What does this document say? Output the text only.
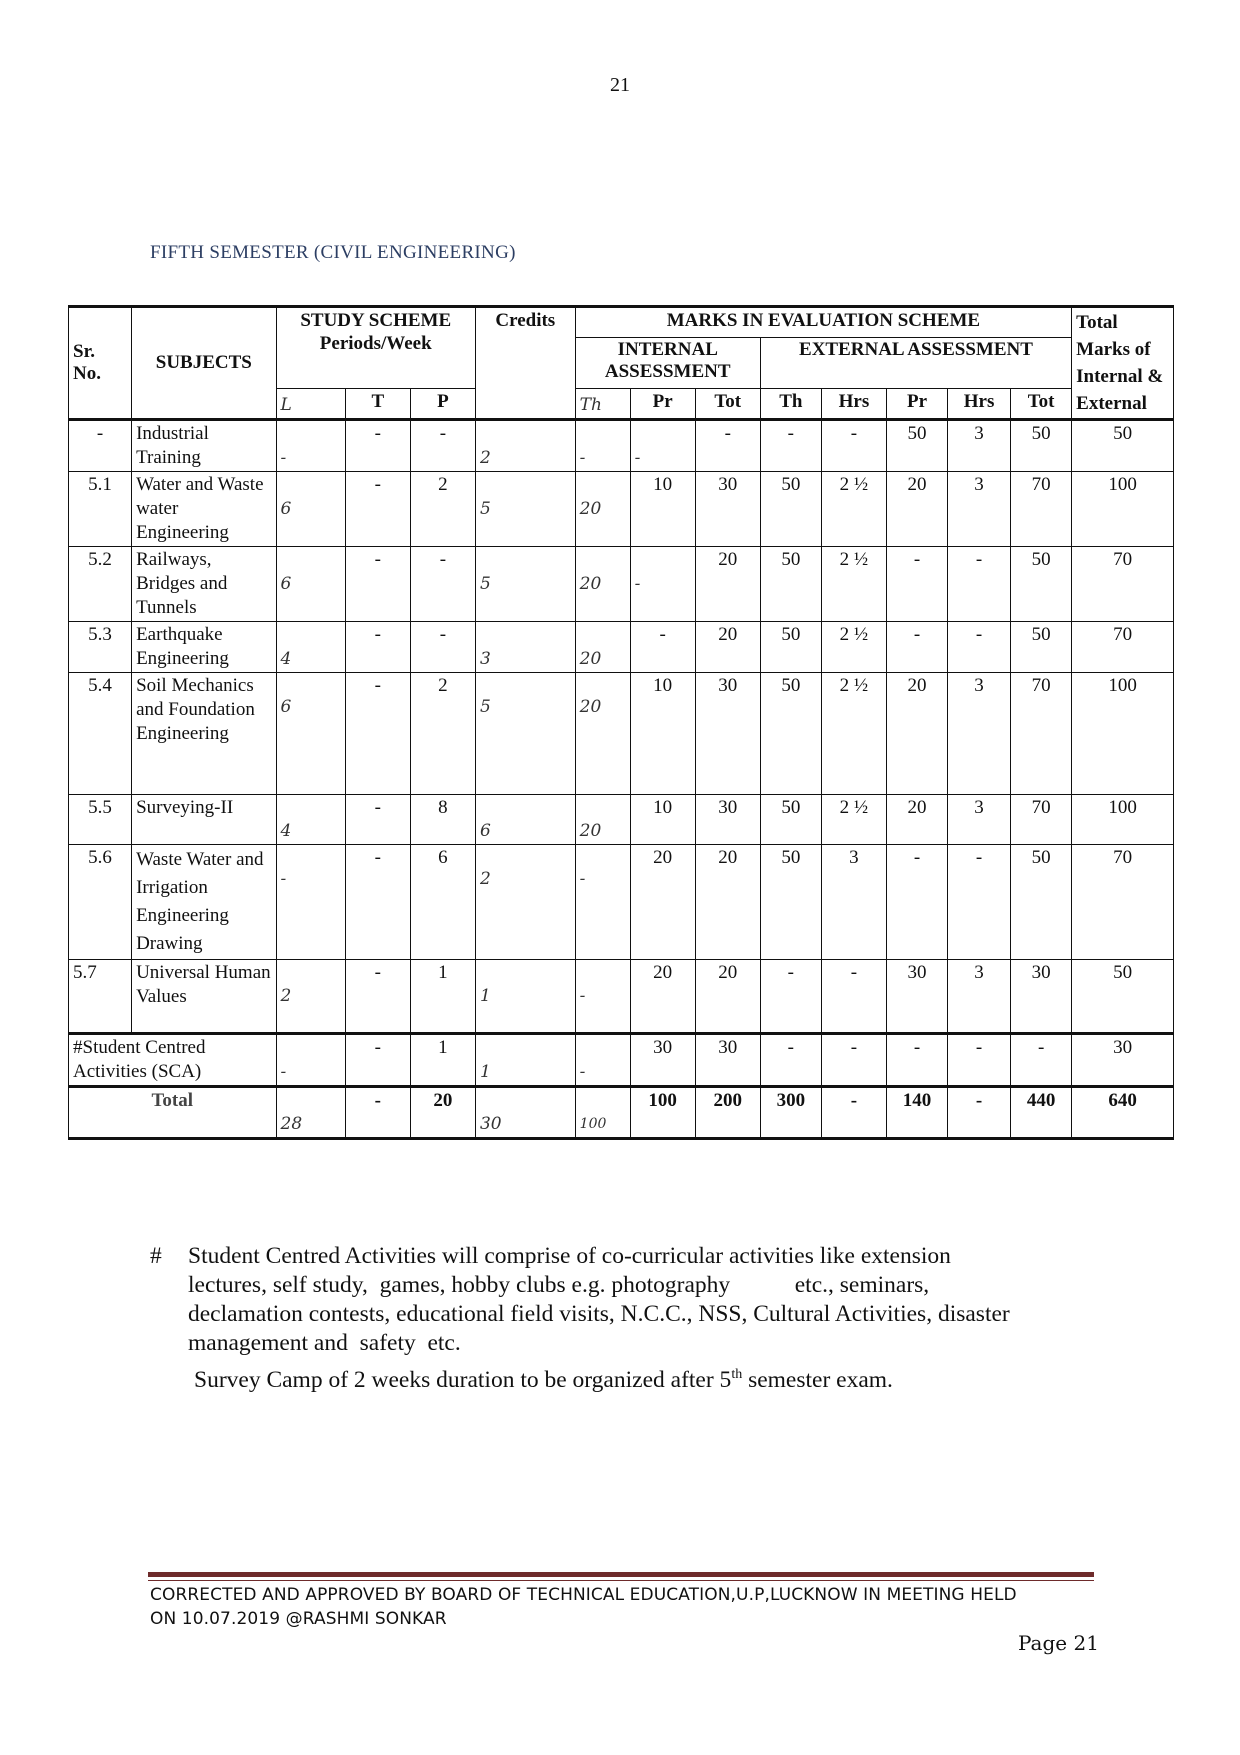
21
FIFTH SEMESTER (CIVIL ENGINEERING)
Sr. No.	SUBJECTS	STUDY SCHEME Periods/Week			Credits	MARKS IN EVALUATION SCHEME								Total Marks of Internal & External
						INTERNAL ASSESSMENT			EXTERNAL ASSESSMENT					
		L	T	P		Th	Pr	Tot	Th	Hrs	Pr	Hrs	Tot	
-	Industrial Training	-	-	-	2	-	-	-	-	-	50	3	50	50
5.1	Water and Waste water Engineering	6	-	2	5	20	10	30	50	2 ½	20	3	70	100
5.2	Railways, Bridges and Tunnels	6	-	-	5	20	-	20	50	2 ½	-	-	50	70
5.3	Earthquake Engineering	4	-	-	3	20	-	20	50	2 ½	-	-	50	70
5.4	Soil Mechanics and Foundation Engineering	6	-	2	5	20	10	30	50	2 ½	20	3	70	100
5.5	Surveying-II	4	-	8	6	20	10	30	50	2 ½	20	3	70	100
5.6	Waste Water and Irrigation Engineering Drawing	-	-	6	2	-	20	20	50	3	-	-	50	70
5.7	Universal Human Values	2	-	1	1	-	20	20	-	-	30	3	30	50
#Student Centred Activities (SCA)		-	-	1	1	-	30	30	-	-	-	-	-	30
Total		28	-	20	30	100	100	200	300	-	140	-	440	640
# Student Centred Activities will comprise of co-curricular activities like extension
lectures, self study,  games, hobby clubs e.g. photography           etc., seminars,
declamation contests, educational field visits, N.C.C., NSS, Cultural Activities, disaster
management and  safety  etc.
Survey Camp of 2 weeks duration to be organized after 5th semester exam.
CORRECTED AND APPROVED BY BOARD OF TECHNICAL EDUCATION,U.P,LUCKNOW IN MEETING HELD
ON 10.07.2019 @RASHMI SONKAR
Page 21
